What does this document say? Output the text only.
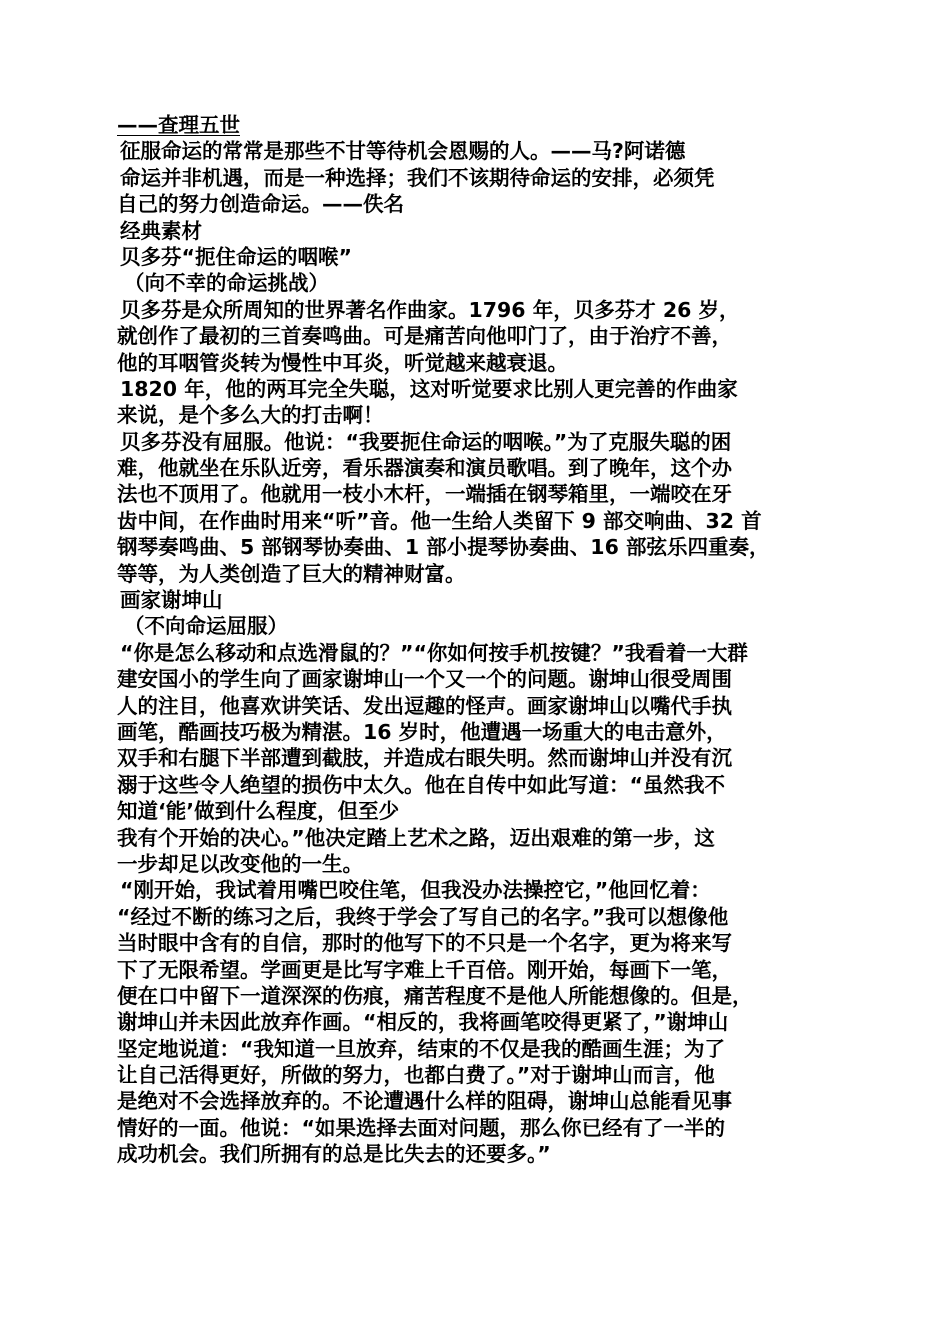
——查理五世
征服命运的常常是那些不甘等待机会恩赐的人。——马?阿诺德
命运并非机遇，而是一种选择；我们不该期待命运的安排，必须凭
自己的努力创造命运。——佚名
经典素材
贝多芬“扼住命运的咽喉”
（向不幸的命运挑战）
贝多芬是众所周知的世界著名作曲家。1796 年，贝多芬才 26 岁，
就创作了最初的三首奏鸣曲。可是痛苦向他叩门了，由于治疗不善，
他的耳咽管炎转为慢性中耳炎，听觉越来越衰退。
1820 年，他的两耳完全失聪，这对听觉要求比别人更完善的作曲家
来说，是个多么大的打击啊！
贝多芬没有屈服。他说：“我要扼住命运的咽喉。”为了克服失聪的困
难，他就坐在乐队近旁，看乐器演奏和演员歌唱。到了晚年，这个办
法也不顶用了。他就用一枝小木杆，一端插在钢琴箱里，一端咬在牙
齿中间，在作曲时用来“听”音。他一生给人类留下 9 部交响曲、32 首
钢琴奏鸣曲、5 部钢琴协奏曲、1 部小提琴协奏曲、16 部弦乐四重奏，
等等，为人类创造了巨大的精神财富。
画家谢坤山
（不向命运屈服）
“你是怎么移动和点选滑鼠的？”“你如何按手机按键？”我看着一大群
建安国小的学生向了画家谢坤山一个又一个的问题。谢坤山很受周围
人的注目，他喜欢讲笑话、发出逗趣的怪声。画家谢坤山以嘴代手执
画笔，酷画技巧极为精湛。16 岁时，他遭遇一场重大的电击意外，
双手和右腿下半部遭到截肢，并造成右眼失明。然而谢坤山并没有沉
溺于这些令人绝望的损伤中太久。他在自传中如此写道：“虽然我不
知道‘能’做到什么程度，但至少
我有个开始的决心。”他决定踏上艺术之路，迈出艰难的第一步，这
一步却足以改变他的一生。
“刚开始，我试着用嘴巴咬住笔，但我没办法操控它，”他回忆着：
“经过不断的练习之后，我终于学会了写自己的名字。”我可以想像他
当时眼中含有的自信，那时的他写下的不只是一个名字，更为将来写
下了无限希望。学画更是比写字难上千百倍。刚开始，每画下一笔，
便在口中留下一道深深的伤痕，痛苦程度不是他人所能想像的。但是，
谢坤山并未因此放弃作画。“相反的，我将画笔咬得更紧了，”谢坤山
坚定地说道：“我知道一旦放弃，结束的不仅是我的酷画生涯；为了
让自己活得更好，所做的努力，也都白费了。”对于谢坤山而言，他
是绝对不会选择放弃的。不论遭遇什么样的阻碍，谢坤山总能看见事
情好的一面。他说：“如果选择去面对问题，那么你已经有了一半的
成功机会。我们所拥有的总是比失去的还要多。”
